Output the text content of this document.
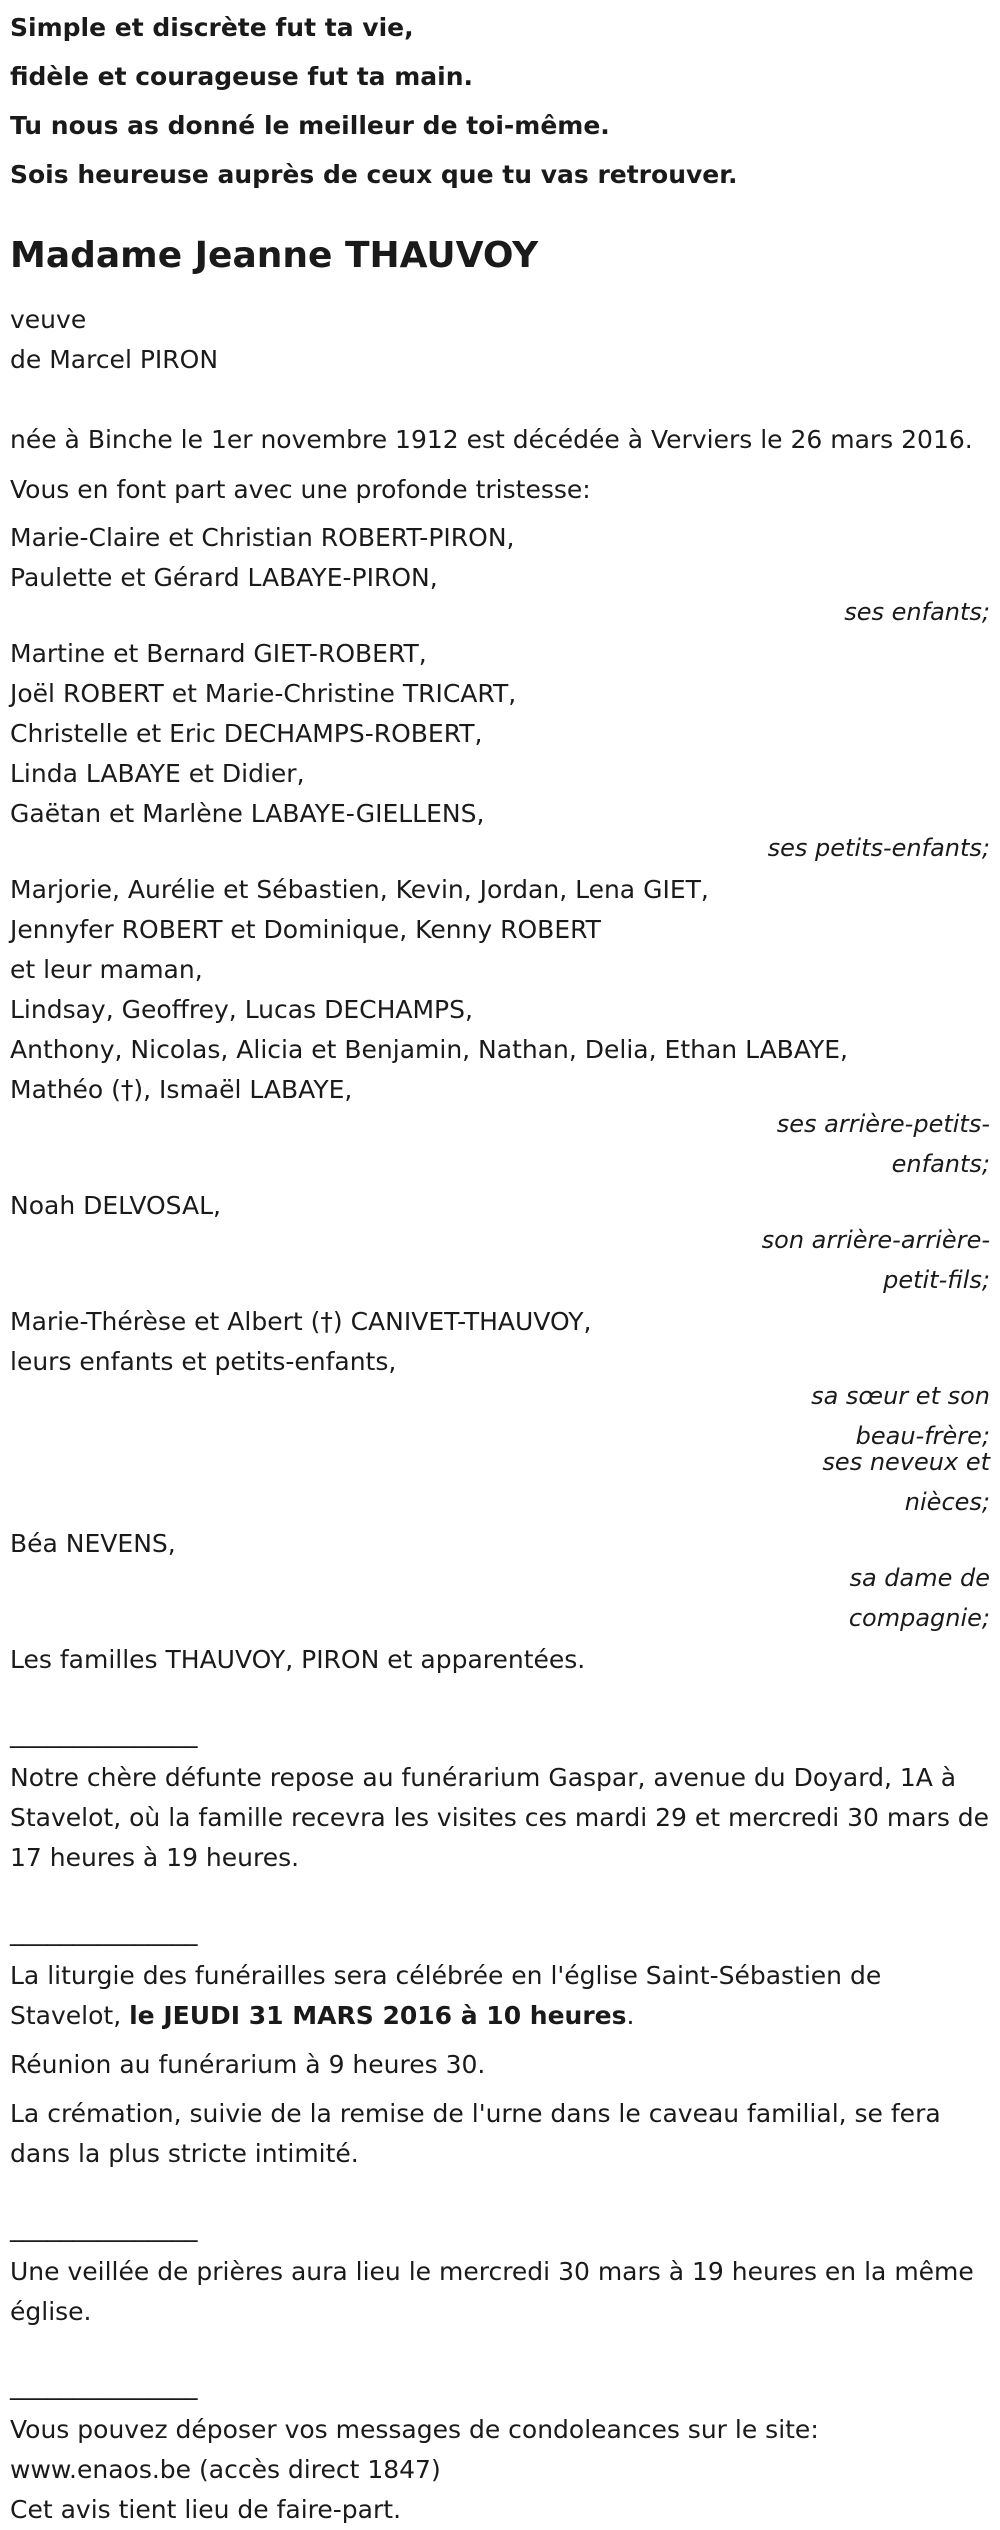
Simple et discrète fut ta vie,
fidèle et courageuse fut ta main.
Tu nous as donné le meilleur de toi-même.
Sois heureuse auprès de ceux que tu vas retrouver.
Madame Jeanne THAUVOY
veuve
de Marcel PIRON
née à Binche le 1er novembre 1912 est décédée à Verviers le 26 mars 2016.
Vous en font part avec une profonde tristesse:
Marie-Claire et Christian ROBERT-PIRON,
Paulette et Gérard LABAYE-PIRON,
ses enfants;
Martine et Bernard GIET-ROBERT,
Joël ROBERT et Marie-Christine TRICART,
Christelle et Eric DECHAMPS-ROBERT,
Linda LABAYE et Didier,
Gaëtan et Marlène LABAYE-GIELLENS,
ses petits-enfants;
Marjorie, Aurélie et Sébastien, Kevin, Jordan, Lena GIET,
Jennyfer ROBERT et Dominique, Kenny ROBERT
et leur maman,
Lindsay, Geoffrey, Lucas DECHAMPS,
Anthony, Nicolas, Alicia et Benjamin, Nathan, Delia, Ethan LABAYE,
Mathéo (†), Ismaël LABAYE,
ses arrière-petits-enfants;
Noah DELVOSAL,
son arrière-arrière-petit-fils;
Marie-Thérèse et Albert (†) CANIVET-THAUVOY,
leurs enfants et petits-enfants,
sa sœur et son beau-frère;
ses neveux et nièces;
Béa NEVENS,
sa dame de compagnie;
Les familles THAUVOY, PIRON et apparentées.
_______________
Notre chère défunte repose au funérarium Gaspar, avenue du Doyard, 1A à Stavelot, où la famille recevra les visites ces mardi 29 et mercredi 30 mars de 17 heures à 19 heures.
_______________
La liturgie des funérailles sera célébrée en l'église Saint-Sébastien de Stavelot, le JEUDI 31 MARS 2016 à 10 heures.
Réunion au funérarium à 9 heures 30.
La crémation, suivie de la remise de l'urne dans le caveau familial, se fera dans la plus stricte intimité.
_______________
Une veillée de prières aura lieu le mercredi 30 mars à 19 heures en la même église.
_______________
Vous pouvez déposer vos messages de condoleances sur le site:
www.enaos.be (accès direct 1847)
Cet avis tient lieu de faire-part.
